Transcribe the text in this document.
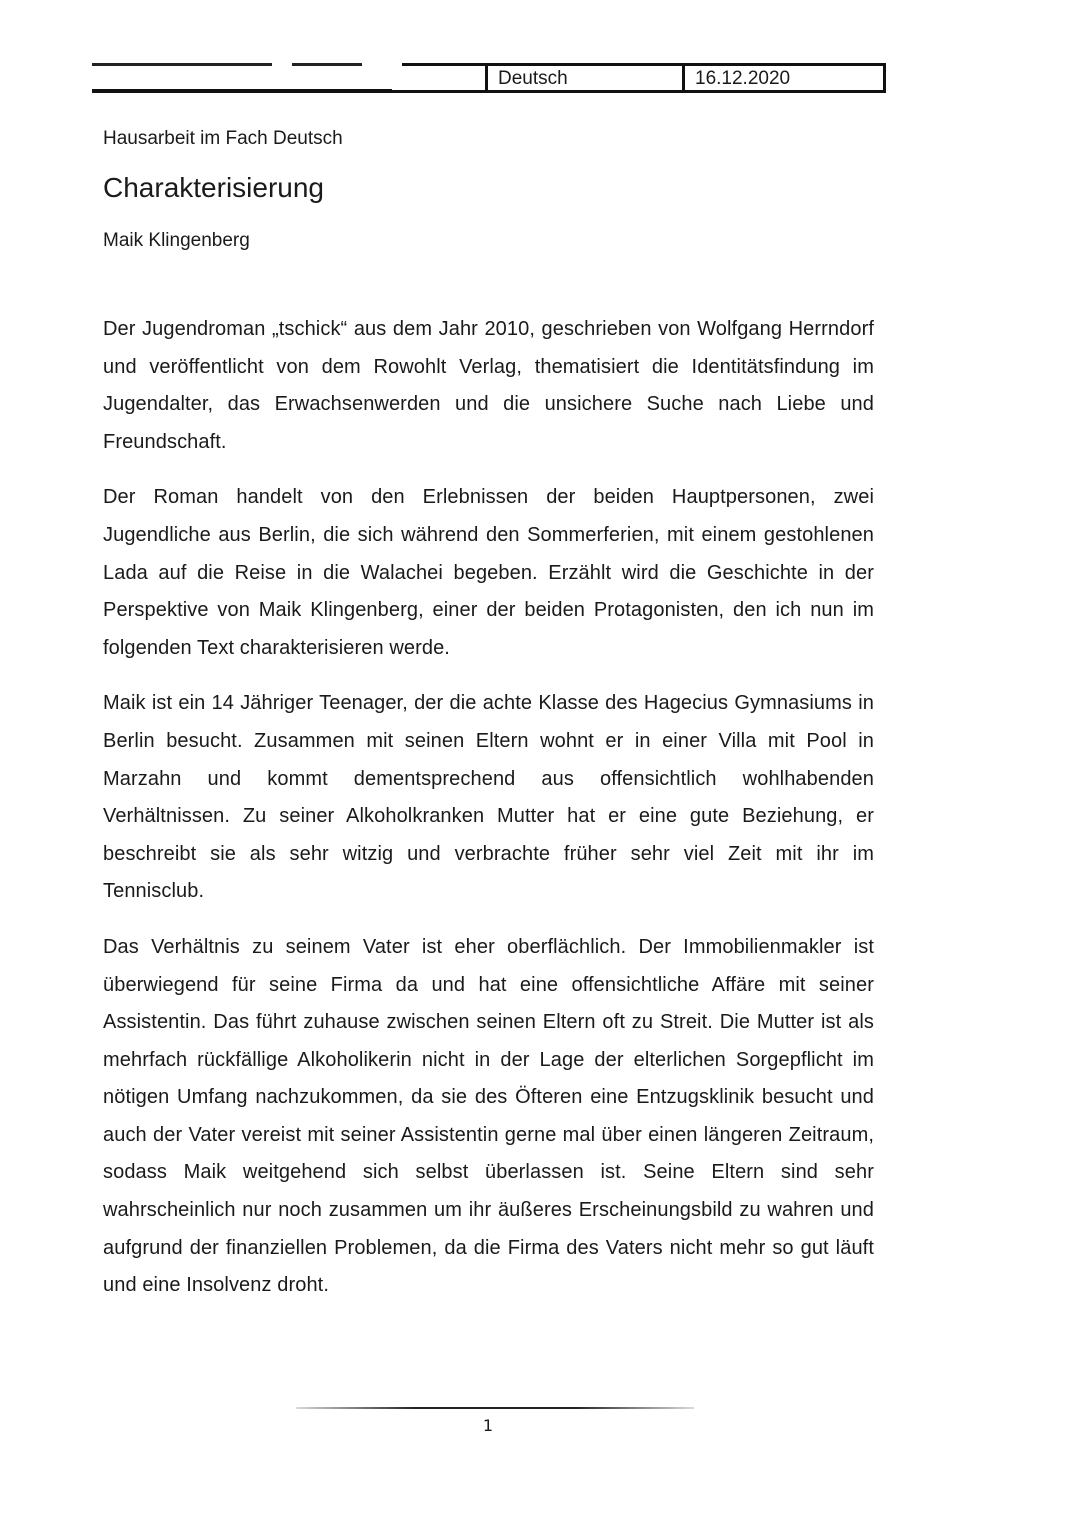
Deutsch	16.12.2020
Hausarbeit im Fach Deutsch
Charakterisierung
Maik Klingenberg

Der Jugendroman „tschick“ aus dem Jahr 2010, geschrieben von Wolfgang Herrndorf und veröffentlicht von dem Rowohlt Verlag, thematisiert die Identitätsfindung im Jugendalter, das Erwachsenwerden und die unsichere Suche nach Liebe und Freundschaft.

Der Roman handelt von den Erlebnissen der beiden Hauptpersonen, zwei Jugendliche aus Berlin, die sich während den Sommerferien, mit einem gestohlenen Lada auf die Reise in die Walachei begeben. Erzählt wird die Geschichte in der Perspektive von Maik Klingenberg, einer der beiden Protagonisten, den ich nun im folgenden Text charakterisieren werde.

Maik ist ein 14 Jähriger Teenager, der die achte Klasse des Hagecius Gymnasiums in Berlin besucht. Zusammen mit seinen Eltern wohnt er in einer Villa mit Pool in Marzahn und kommt dementsprechend aus offensichtlich wohlhabenden Verhältnissen. Zu seiner Alkoholkranken Mutter hat er eine gute Beziehung, er beschreibt sie als sehr witzig und verbrachte früher sehr viel Zeit mit ihr im Tennisclub.

Das Verhältnis zu seinem Vater ist eher oberflächlich. Der Immobilienmakler ist überwiegend für seine Firma da und hat eine offensichtliche Affäre mit seiner Assistentin. Das führt zuhause zwischen seinen Eltern oft zu Streit. Die Mutter ist als mehrfach rückfällige Alkoholikerin nicht in der Lage der elterlichen Sorgepflicht im nötigen Umfang nachzukommen, da sie des Öfteren eine Entzugsklinik besucht und auch der Vater vereist mit seiner Assistentin gerne mal über einen längeren Zeitraum, sodass Maik weitgehend sich selbst überlassen ist. Seine Eltern sind sehr wahrscheinlich nur noch zusammen um ihr äußeres Erscheinungsbild zu wahren und aufgrund der finanziellen Problemen, da die Firma des Vaters nicht mehr so gut läuft und eine Insolvenz droht.

1
